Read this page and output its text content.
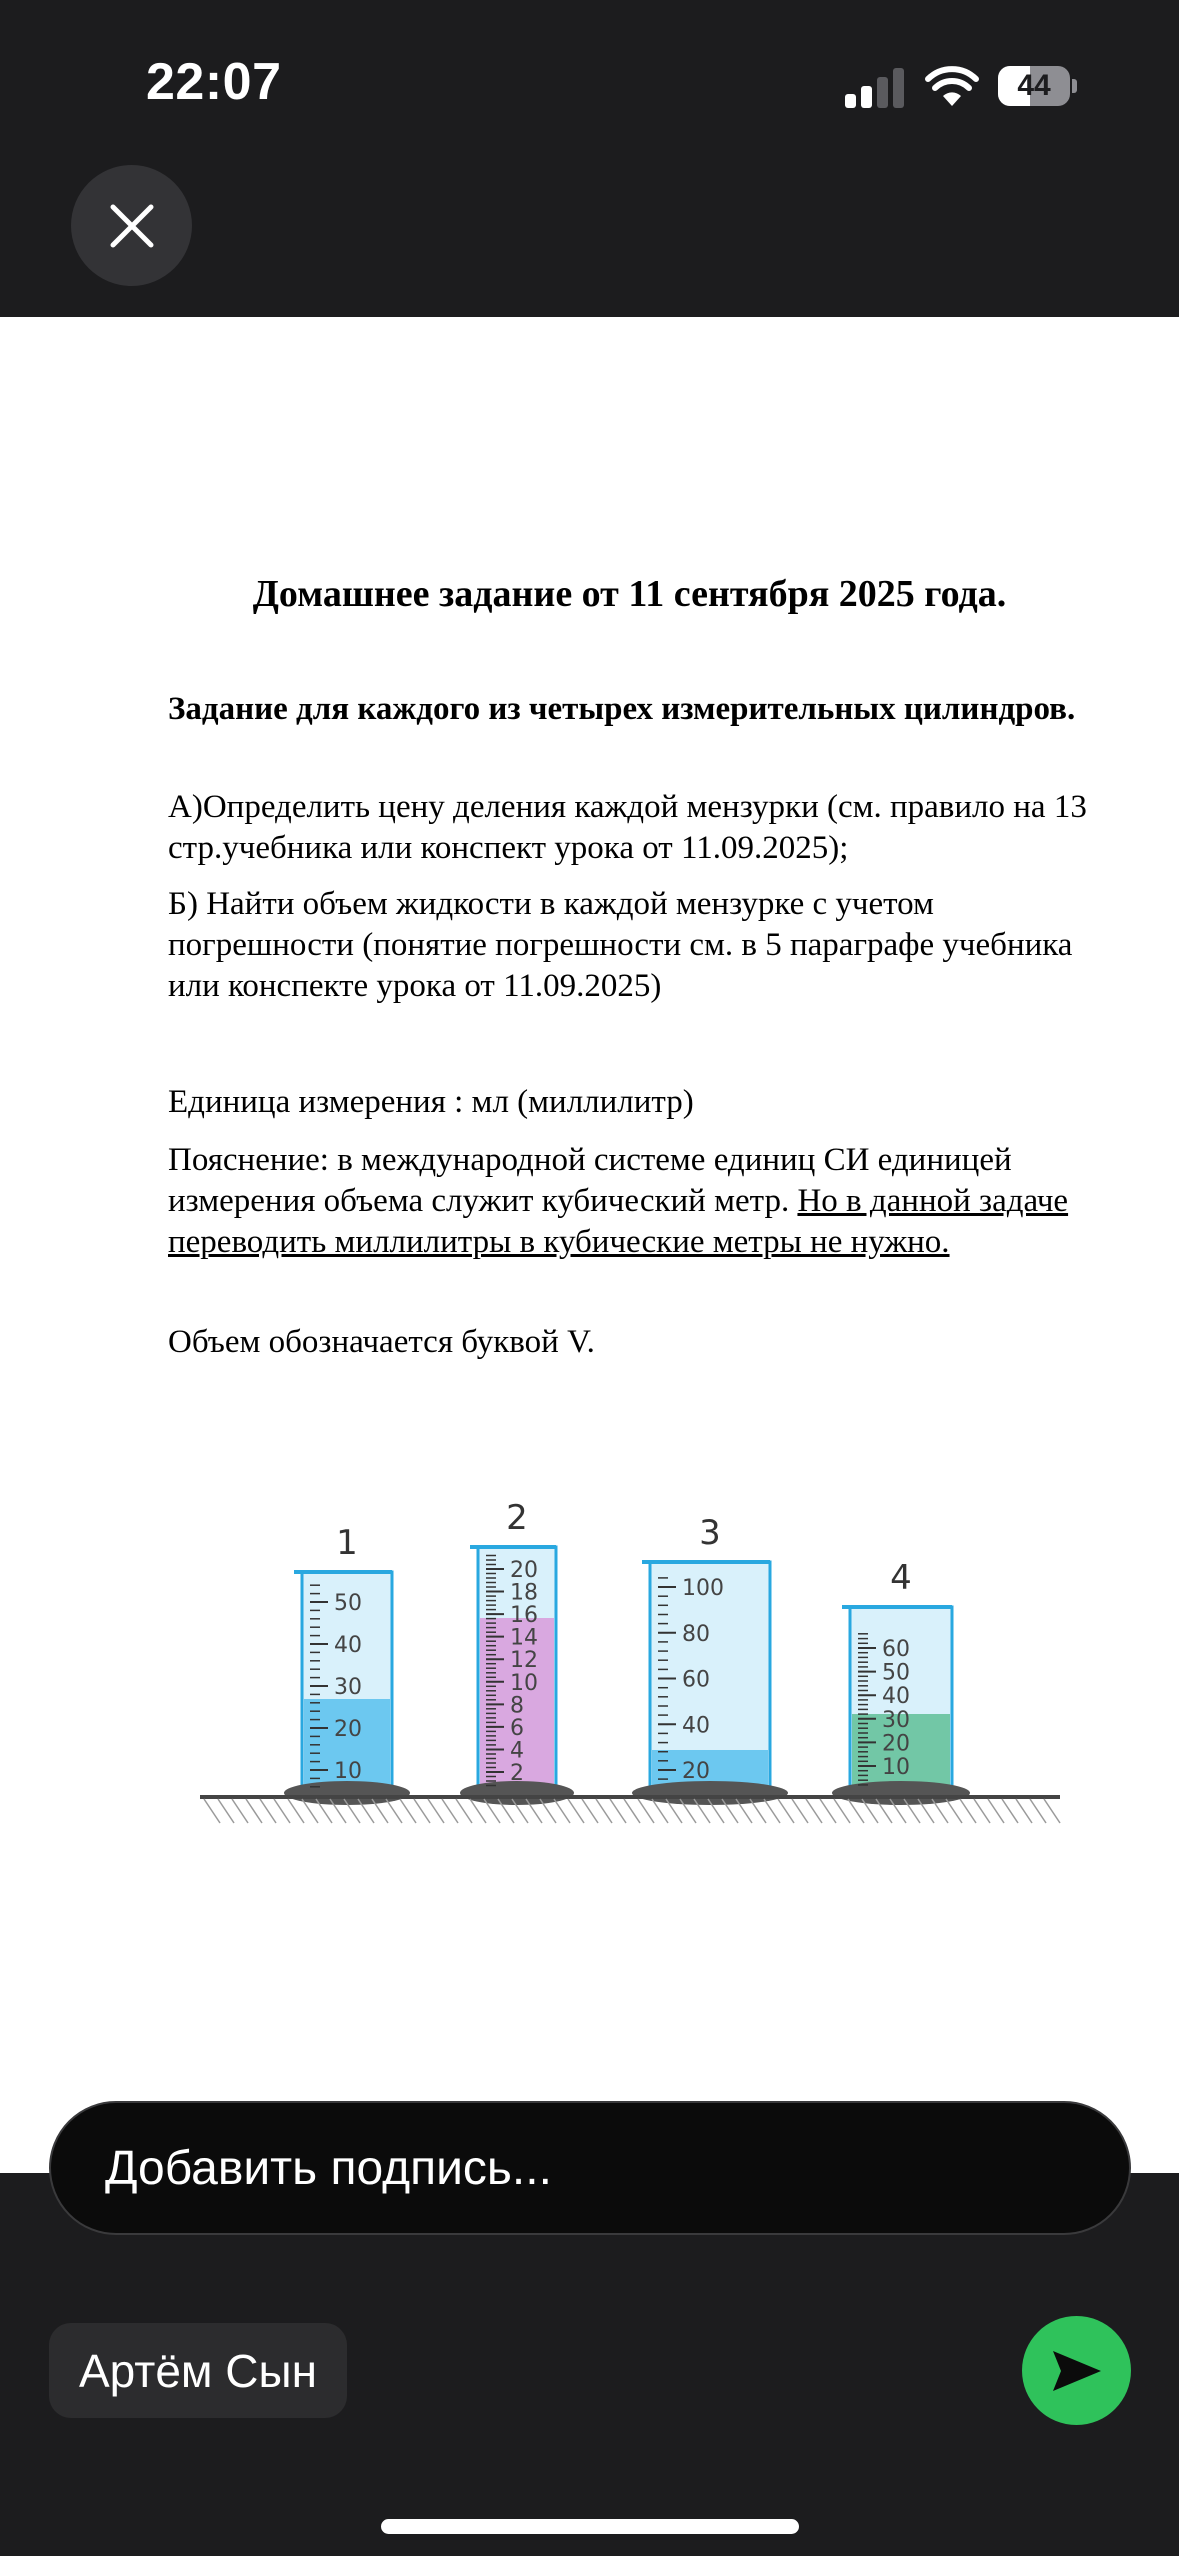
22:07	44
Домашнее задание от 11 сентября 2025 года.
Задание для каждого из четырех измерительных цилиндров.
А)Определить цену деления каждой мензурки (см. правило на 13 стр.учебника или конспект урока от 11.09.2025);
Б) Найти объем жидкости в каждой мензурке с учетом погрешности (понятие погрешности см. в 5 параграфе учебника или конспекте урока от 11.09.2025)
Единица измерения : мл (миллилитр)
Пояснение: в международной системе единиц СИ единицей измерения объема служит кубический метр. Но в данной задаче переводить миллилитры в кубические метры не нужно.
Объем обозначается буквой V.
50
40
30
20
10
1
20
18
16
14
12
10
8
6
4
2
2
100
80
60
40
20
3
60
50
40
30
20
10
4
Добавить подпись...
Артём Сын
